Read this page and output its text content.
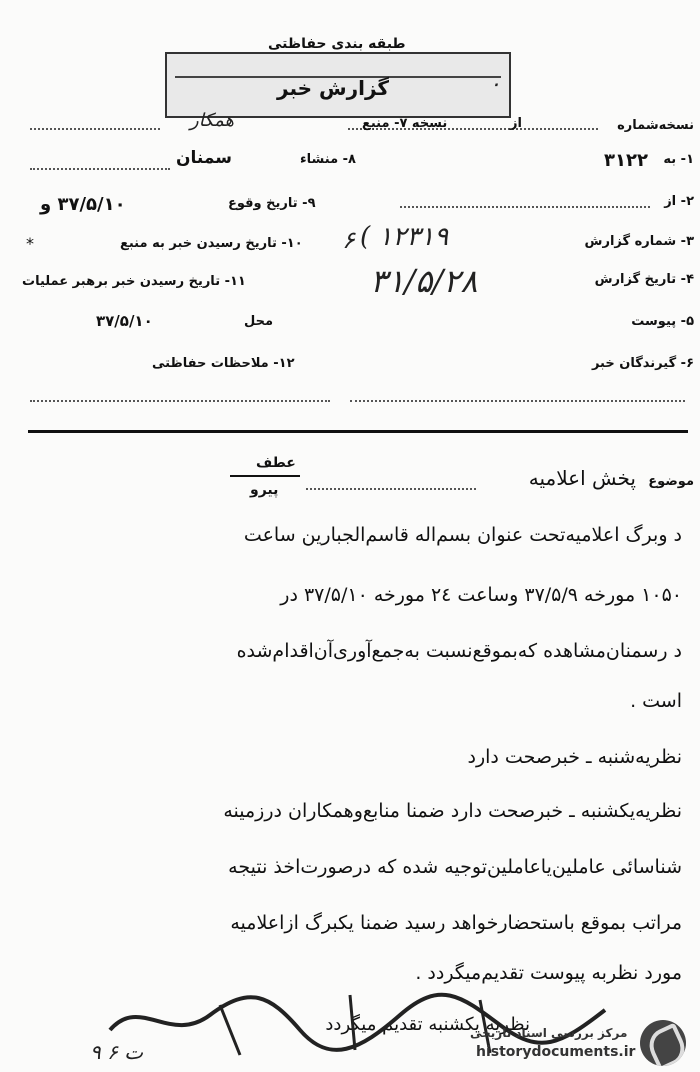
طبقه بندی حفاظتی
گزارش خبر	۰
نسخه‌شماره
۱- به
۳۱۲۲
۲- از
۳- شماره گزارش
( ۱۲۳۱۹
۴- تاریخ گزارش
۳۱/۵/۲۸
۵- پیوست
۶- گیرندگان خبر
از
نسخه ۷- منبع
همکار
۸- منشاء
سمنان
۹- تاریخ وقوع
۳۷/۵/۱۰ و
۱۰- تاریخ رسیدن خبر به منبع ۶
*
۱۱- تاریخ رسیدن خبر برهبر عملیات
محل
۳۷/۵/۱۰
۱۲- ملاحظات حفاظتی
عطف
پیرو
موضوع
پخش اعلامیه
د وبرگ اعلامیه‌تحت عنوان بسم‌اله قاسم‌الجبارین ساعت
۱۰۵۰ مورخه ۳۷/۵/۹ وساعت ۲٤ مورخه ۳۷/۵/۱۰ در
د رسمنان‌مشاهده که‌بموقع‌نسبت به‌جمع‌آوری‌آن‌اقدام‌شده
است .
نظریه‌شنبه ـ خبرصحت دارد
نظریه‌یکشنبه ـ خبرصحت دارد ضمنا منابع‌وهمکاران درزمینه
شناسائی عاملین‌یاعاملین‌توجیه شده که درصورت‌اخذ نتیجه
مراتب بموقع باستحضارخواهد رسید ضمنا یکبرگ ازاعلامیه
مورد نظربه پیوست تقدیم‌میگردد .
نظریه یکشنبه تقدیم میگردد
ت ۶ ۹
مرکز بررسی اسناد تاریخی
historydocuments.ir
